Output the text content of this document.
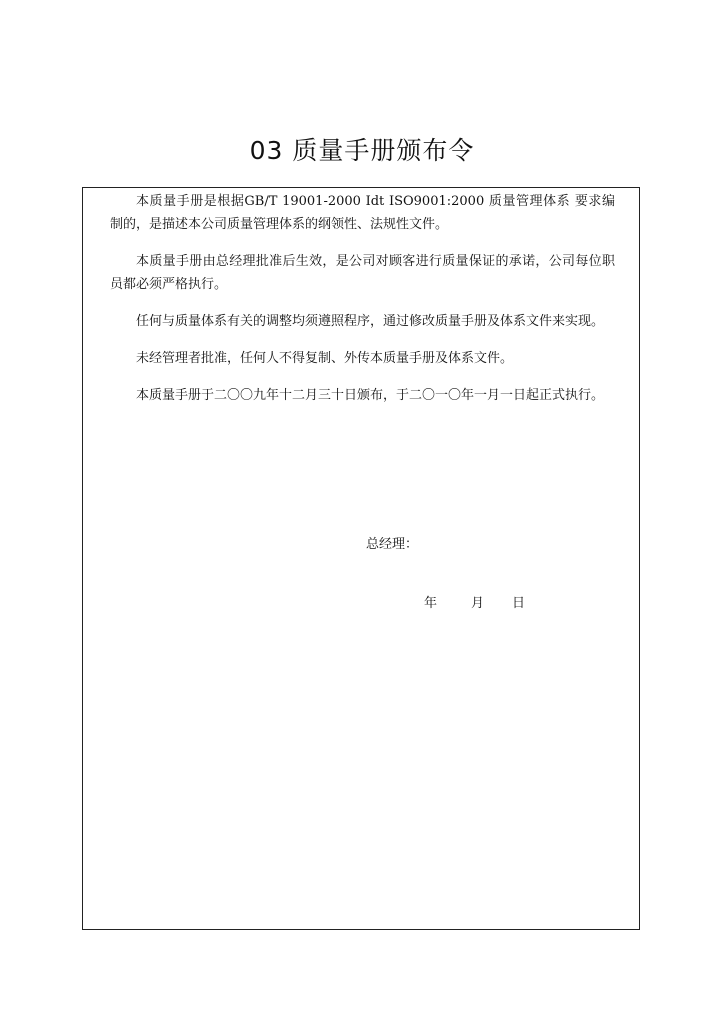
03 质量手册颁布令

本质量手册是根据GB/T 19001-2000 Idt ISO9001:2000 质量管理体系 要求编制的，是描述本公司质量管理体系的纲领性、法规性文件。

本质量手册由总经理批准后生效，是公司对顾客进行质量保证的承诺，公司每位职员都必须严格执行。

任何与质量体系有关的调整均须遵照程序，通过修改质量手册及体系文件来实现。

未经管理者批准，任何人不得复制、外传本质量手册及体系文件。

本质量手册于二〇〇九年十二月三十日颁布，于二〇一〇年一月一日起正式执行。

总经理：
年	月 日
